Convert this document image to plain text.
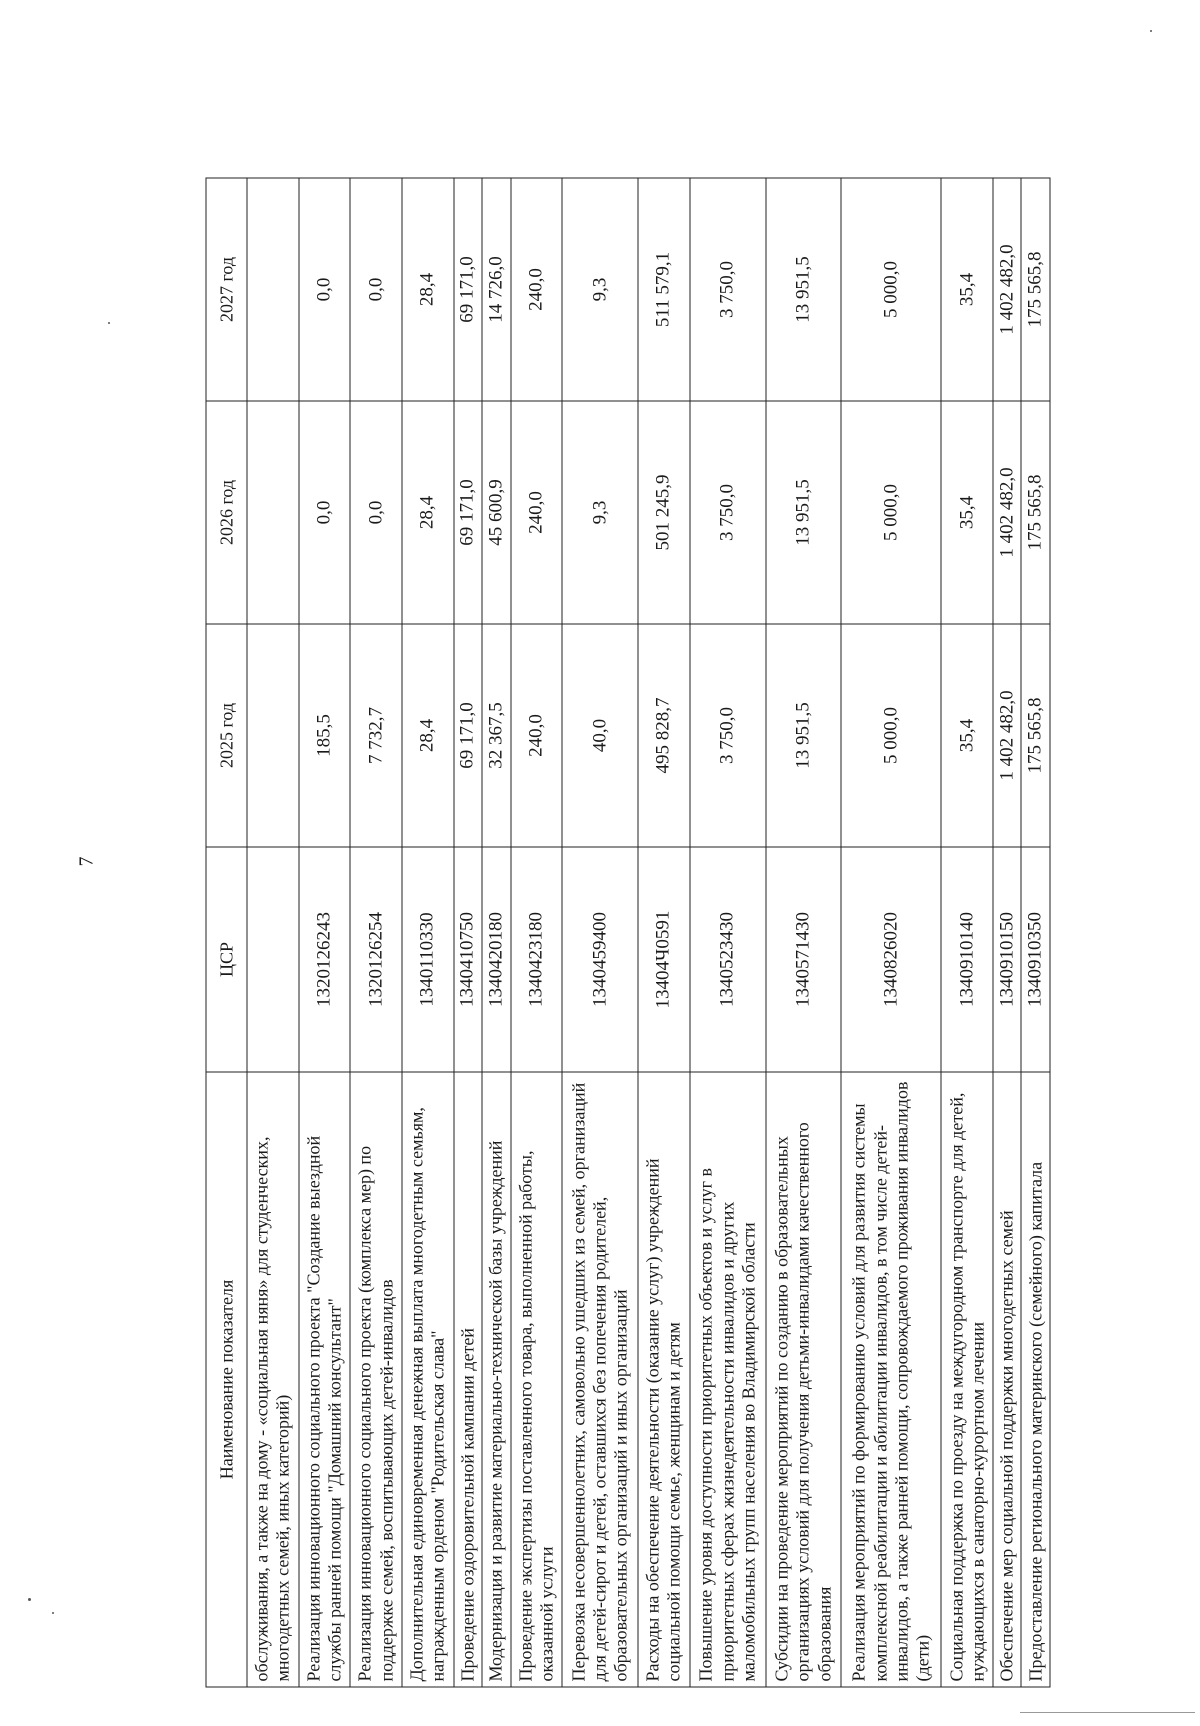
7
Наименование показателя	ЦСР	2025 год	2026 год	2027 год
обслуживания, а также на дому - «социальная няня» для студенческих, многодетных семей, иных категорий)				
Реализация инновационного социального проекта "Создание выездной службы ранней помощи "Домашний консультант"	1320126243	185,5	0,0	0,0
Реализация инновационного социального проекта (комплекса мер) по поддержке семей, воспитывающих детей-инвалидов	1320126254	7 732,7	0,0	0,0
Дополнительная единовременная денежная выплата многодетным семьям, награжденным орденом "Родительская слава"	1340110330	28,4	28,4	28,4
Проведение оздоровительной кампании детей	1340410750	69 171,0	69 171,0	69 171,0
Модернизация и развитие материально-технической базы учреждений	1340420180	32 367,5	45 600,9	14 726,0
Проведение экспертизы поставленного товара, выполненной работы, оказанной услуги	1340423180	240,0	240,0	240,0
Перевозка несовершеннолетних, самовольно ушедших из семей, организаций для детей-сирот и детей, оставшихся без попечения родителей, образовательных организаций и иных организаций	1340459400	40,0	9,3	9,3
Расходы на обеспечение деятельности (оказание услуг) учреждений социальной помощи семье, женщинам и детям	13404Ч0591	495 828,7	501 245,9	511 579,1
Повышение уровня доступности приоритетных объектов и услуг в приоритетных сферах жизнедеятельности инвалидов и других маломобильных групп населения во Владимирской области	1340523430	3 750,0	3 750,0	3 750,0
Субсидии на проведение мероприятий по созданию в образовательных организациях условий для получения детьми-инвалидами качественного образования	1340571430	13 951,5	13 951,5	13 951,5
Реализация мероприятий по формированию условий для развития системы комплексной реабилитации и абилитации инвалидов, в том числе детей-инвалидов, а также ранней помощи, сопровождаемого проживания инвалидов (дети)	1340826020	5 000,0	5 000,0	5 000,0
Социальная поддержка по проезду на междугородном транспорте для детей, нуждающихся в санаторно-курортном лечении	1340910140	35,4	35,4	35,4
Обеспечение мер социальной поддержки многодетных семей	1340910150	1 402 482,0	1 402 482,0	1 402 482,0
Предоставление регионального материнского (семейного) капитала	1340910350	175 565,8	175 565,8	175 565,8
